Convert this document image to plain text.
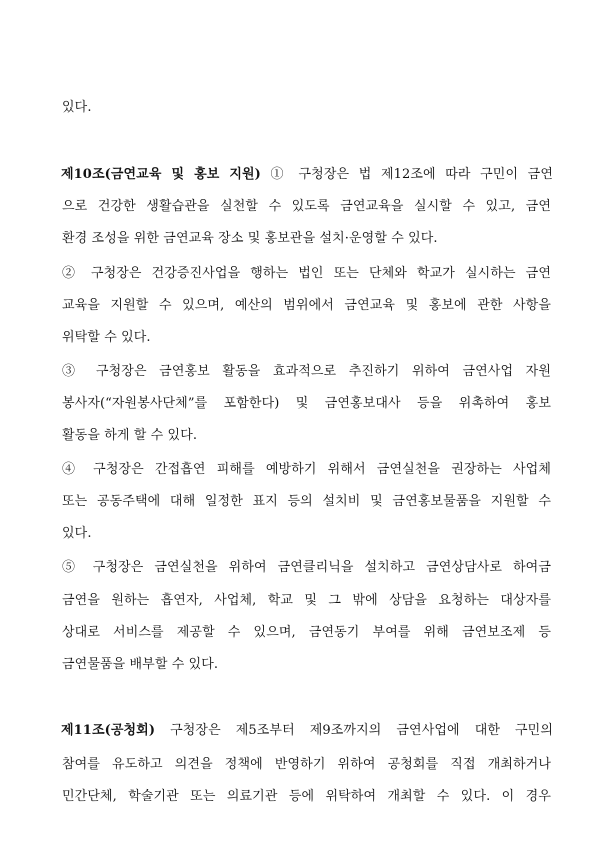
있다.
제10조(금연교육 및 홍보 지원) ① 구청장은 법 제12조에 따라 구민이 금연
으로 건강한 생활습관을 실천할 수 있도록 금연교육을 실시할 수 있고, 금연
환경 조성을 위한 금연교육 장소 및 홍보관을 설치·운영할 수 있다.
② 구청장은 건강증진사업을 행하는 법인 또는 단체와 학교가 실시하는 금연
교육을 지원할 수 있으며, 예산의 범위에서 금연교육 및 홍보에 관한 사항을
위탁할 수 있다.
③ 구청장은 금연홍보 활동을 효과적으로 추진하기 위하여 금연사업 자원
봉사자(“자원봉사단체”를 포함한다) 및 금연홍보대사 등을 위촉하여 홍보
활동을 하게 할 수 있다.
④ 구청장은 간접흡연 피해를 예방하기 위해서 금연실천을 권장하는 사업체
또는 공동주택에 대해 일정한 표지 등의 설치비 및 금연홍보물품을 지원할 수
있다.
⑤ 구청장은 금연실천을 위하여 금연클리닉을 설치하고 금연상담사로 하여금
금연을 원하는 흡연자, 사업체, 학교 및 그 밖에 상담을 요청하는 대상자를
상대로 서비스를 제공할 수 있으며, 금연동기 부여를 위해 금연보조제 등
금연물품을 배부할 수 있다.
제11조(공청회) 구청장은 제5조부터 제9조까지의 금연사업에 대한 구민의
참여를 유도하고 의견을 정책에 반영하기 위하여 공청회를 직접 개최하거나
민간단체, 학술기관 또는 의료기관 등에 위탁하여 개최할 수 있다. 이 경우
